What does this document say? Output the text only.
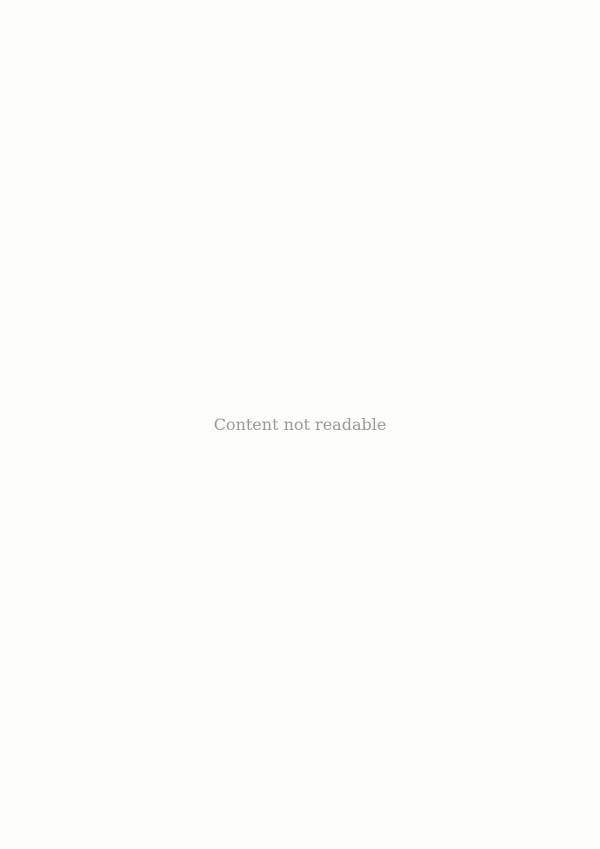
Content not readable
